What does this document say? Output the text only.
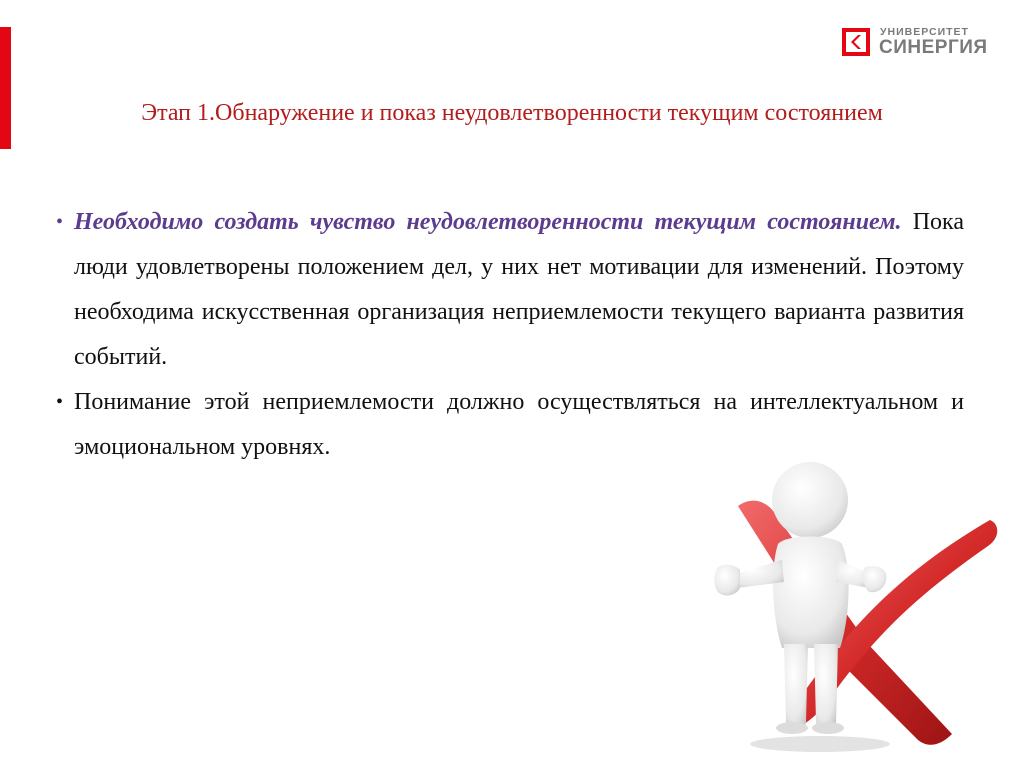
УНИВЕРСИТЕТ
СИНЕРГИЯ
Этап 1.Обнаружение и показ неудовлетворенности текущим состоянием
• Необходимо создать чувство неудовлетворенности текущим состоянием. Пока люди удовлетворены положением дел, у них нет мотивации для изменений. Поэтому необходима искусственная организация неприемлемости текущего варианта развития событий.
• Понимание этой неприемлемости должно осуществляться на интеллектуальном и эмоциональном уровнях.
